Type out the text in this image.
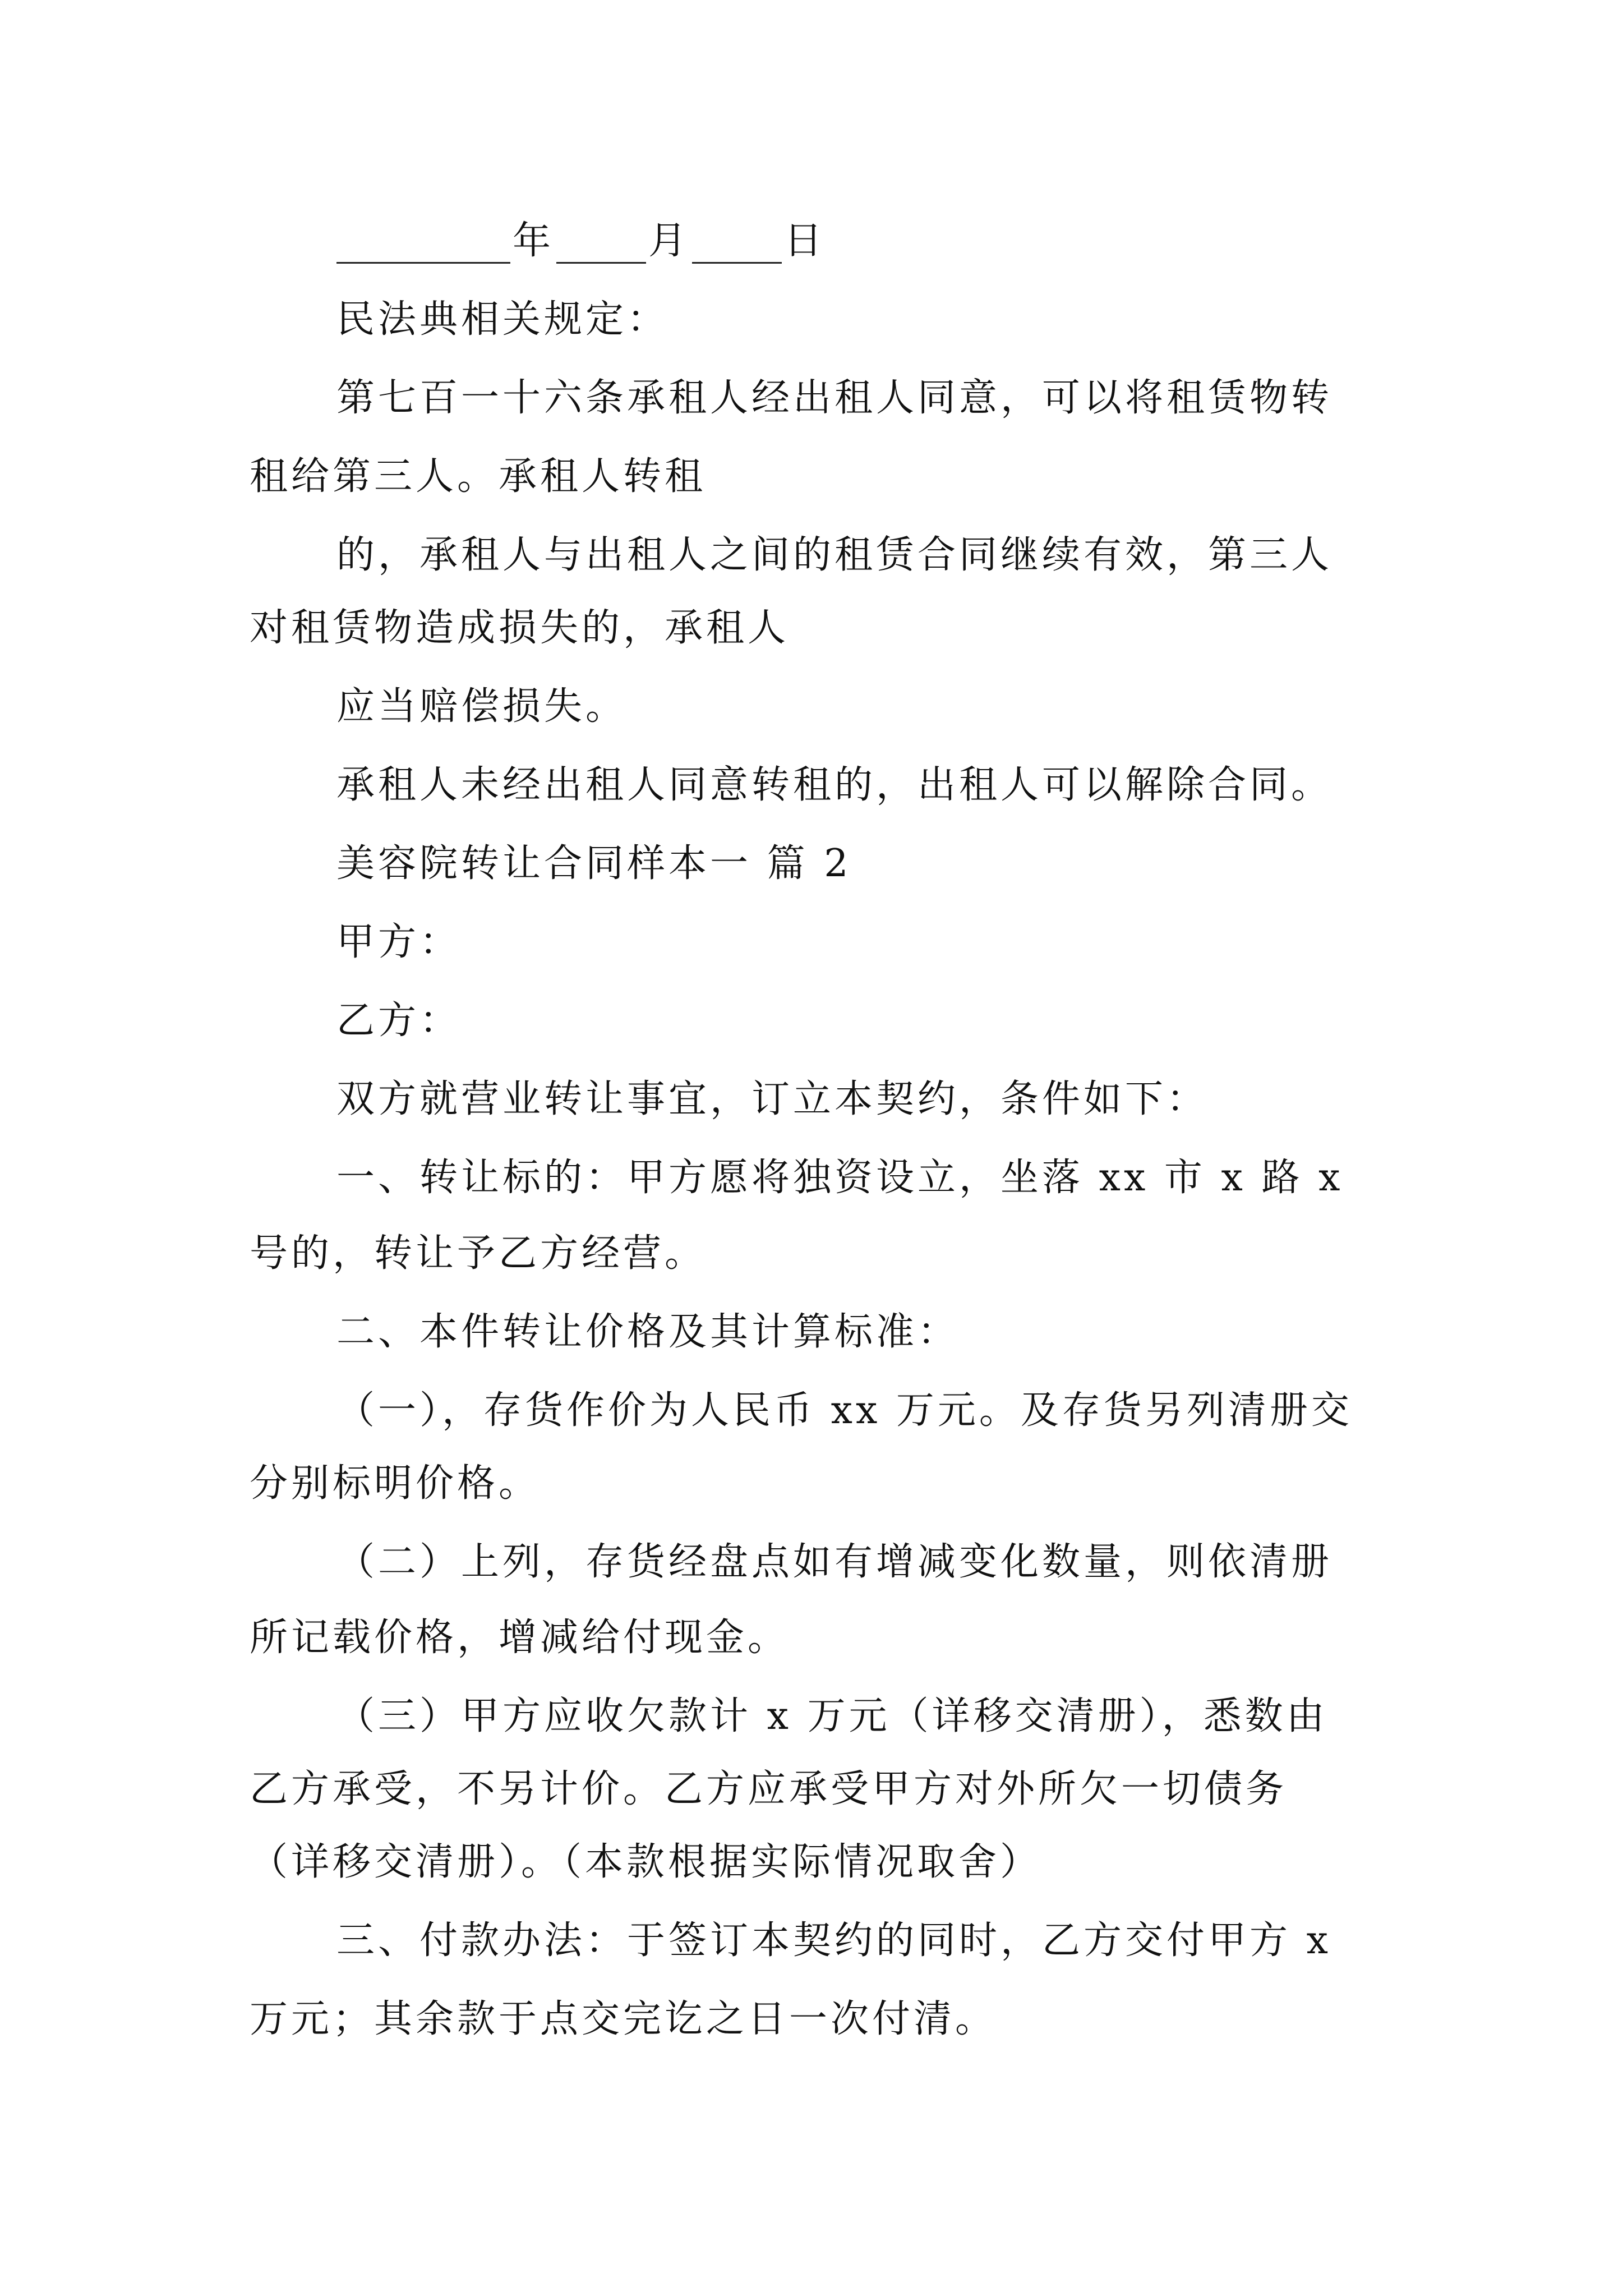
年 月 日
民法典相关规定：
第七百一十六条承租人经出租人同意，可以将租赁物转
租给第三人。承租人转租
的，承租人与出租人之间的租赁合同继续有效，第三人
对租赁物造成损失的，承租人
应当赔偿损失。
承租人未经出租人同意转租的，出租人可以解除合同。
美容院转让合同样本一 篇 2
甲方：
乙方：
双方就营业转让事宜，订立本契约，条件如下：
一、转让标的：甲方愿将独资设立，坐落 xx 市 x 路 x
号的，转让予乙方经营。
二、本件转让价格及其计算标准：
（一），存货作价为人民币 xx 万元。及存货另列清册交
分别标明价格。
（二）上列，存货经盘点如有增减变化数量，则依清册
所记载价格，增减给付现金。
（三）甲方应收欠款计 x 万元（详移交清册），悉数由
乙方承受，不另计价。乙方应承受甲方对外所欠一切债务
（详移交清册）。（本款根据实际情况取舍）
三、付款办法：于签订本契约的同时，乙方交付甲方 x
万元；其余款于点交完讫之日一次付清。
